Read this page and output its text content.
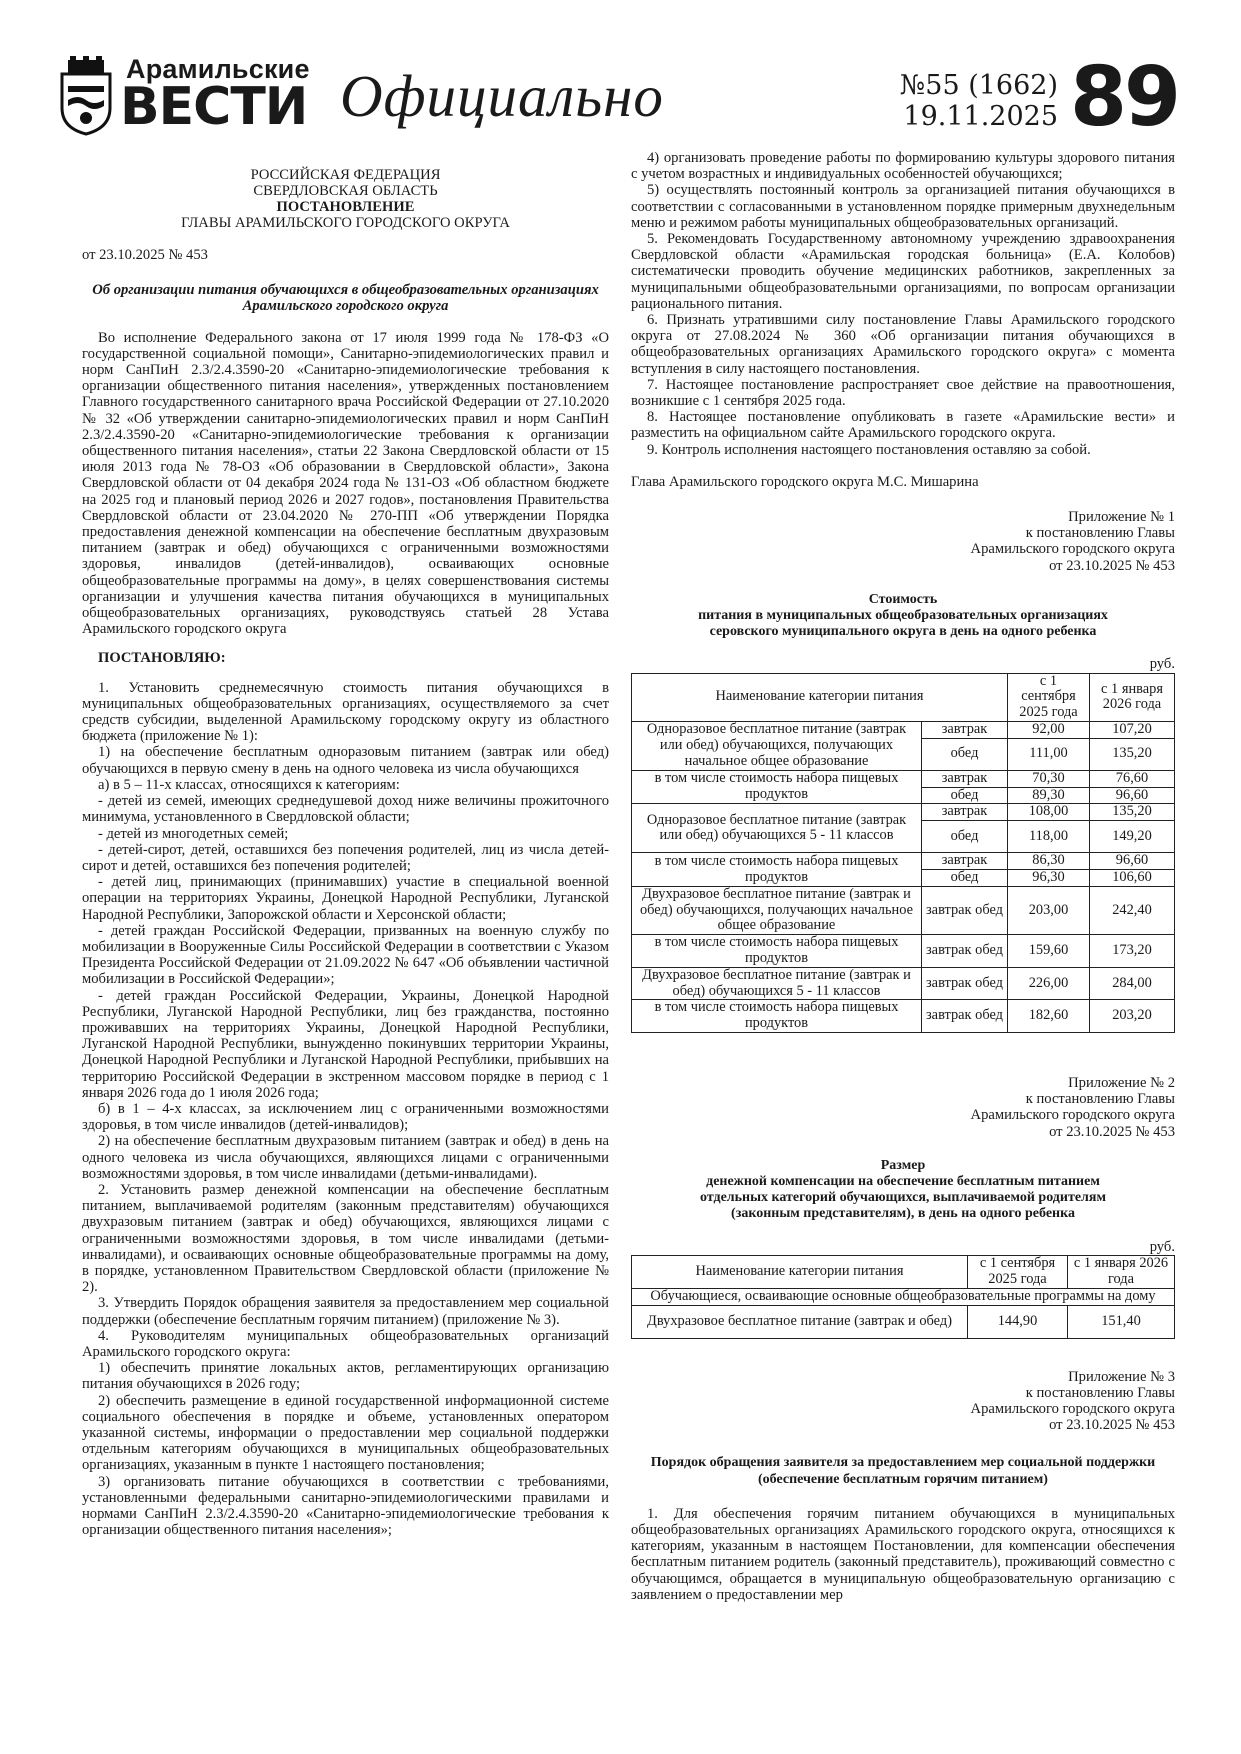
Арамильские
ВЕСТИ Официально	№55 (1662)
19.11.2025 89
РОССИЙСКАЯ ФЕДЕРАЦИЯ
СВЕРДЛОВСКАЯ ОБЛАСТЬ
ПОСТАНОВЛЕНИЕ
ГЛАВЫ АРАМИЛЬСКОГО ГОРОДСКОГО ОКРУГА
от 23.10.2025 № 453
Об организации питания обучающихся в общеобразовательных организациях Арамильского городского округа

Во исполнение Федерального закона от 17 июля 1999 года № 178-ФЗ «О государственной социальной помощи», Санитарно-эпидемиологических правил и норм СанПиН 2.3/2.4.3590-20 «Санитарно-эпидемиологические требования к организации общественного питания населения», утвержденных постановлением Главного государственного санитарного врача Российской Федерации от 27.10.2020 № 32 «Об утверждении санитарно-эпидемиологических правил и норм СанПиН 2.3/2.4.3590-20 «Санитарно-эпидемиологические требования к организации общественного питания населения», статьи 22 Закона Свердловской области от 15 июля 2013 года № 78-ОЗ «Об образовании в Свердловской области», Закона Свердловской области от 04 декабря 2024 года № 131-ОЗ «Об областном бюджете на 2025 год и плановый период 2026 и 2027 годов», постановления Правительства Свердловской области от 23.04.2020 № 270-ПП «Об утверждении Порядка предоставления денежной компенсации на обеспечение бесплатным двухразовым питанием (завтрак и обед) обучающихся с ограниченными возможностями здоровья, инвалидов (детей-инвалидов), осваивающих основные общеобразовательные программы на дому», в целях совершенствования системы организации и улучшения качества питания обучающихся в муниципальных общеобразовательных организациях, руководствуясь статьей 28 Устава Арамильского городского округа

ПОСТАНОВЛЯЮ:

1. Установить среднемесячную стоимость питания обучающихся в муниципальных общеобразовательных организациях, осуществляемого за счет средств субсидии, выделенной Арамильскому городскому округу из областного бюджета (приложение № 1):

1) на обеспечение бесплатным одноразовым питанием (завтрак или обед) обучающихся в первую смену в день на одного человека из числа обучающихся

а) в 5 – 11-х классах, относящихся к категориям:

- детей из семей, имеющих среднедушевой доход ниже величины прожиточного минимума, установленного в Свердловской области;

- детей из многодетных семей;

- детей-сирот, детей, оставшихся без попечения родителей, лиц из числа детей-сирот и детей, оставшихся без попечения родителей;

- детей лиц, принимающих (принимавших) участие в специальной военной операции на территориях Украины, Донецкой Народной Республики, Луганской Народной Республики, Запорожской области и Херсонской области;

- детей граждан Российской Федерации, призванных на военную службу по мобилизации в Вооруженные Силы Российской Федерации в соответствии с Указом Президента Российской Федерации от 21.09.2022 № 647 «Об объявлении частичной мобилизации в Российской Федерации»;

- детей граждан Российской Федерации, Украины, Донецкой Народной Республики, Луганской Народной Республики, лиц без гражданства, постоянно проживавших на территориях Украины, Донецкой Народной Республики, Луганской Народной Республики, вынужденно покинувших территории Украины, Донецкой Народной Республики и Луганской Народной Республики, прибывших на территорию Российской Федерации в экстренном массовом порядке в период с 1 января 2026 года до 1 июля 2026 года;

б) в 1 – 4-х классах, за исключением лиц с ограниченными возможностями здоровья, в том числе инвалидов (детей-инвалидов);

2) на обеспечение бесплатным двухразовым питанием (завтрак и обед) в день на одного человека из числа обучающихся, являющихся лицами с ограниченными возможностями здоровья, в том числе инвалидами (детьми-инвалидами).

2. Установить размер денежной компенсации на обеспечение бесплатным питанием, выплачиваемой родителям (законным представителям) обучающихся двухразовым питанием (завтрак и обед) обучающихся, являющихся лицами с ограниченными возможностями здоровья, в том числе инвалидами (детьми-инвалидами), и осваивающих основные общеобразовательные программы на дому, в порядке, установленном Правительством Свердловской области (приложение № 2).

3. Утвердить Порядок обращения заявителя за предоставлением мер социальной поддержки (обеспечение бесплатным горячим питанием) (приложение № 3).

4. Руководителям муниципальных общеобразовательных организаций Арамильского городского округа:

1) обеспечить принятие локальных актов, регламентирующих организацию питания обучающихся в 2026 году;

2) обеспечить размещение в единой государственной информационной системе социального обеспечения в порядке и объеме, установленных оператором указанной системы, информации о предоставлении мер социальной поддержки отдельным категориям обучающихся в муниципальных общеобразовательных организациях, указанным в пункте 1 настоящего постановления;

3) организовать питание обучающихся в соответствии с требованиями, установленными федеральными санитарно-эпидемиологическими правилами и нормами СанПиН 2.3/2.4.3590-20 «Санитарно-эпидемиологические требования к организации общественного питания населения»;

4) организовать проведение работы по формированию культуры здорового питания с учетом возрастных и индивидуальных особенностей обучающихся;

5) осуществлять постоянный контроль за организацией питания обучающихся в соответствии с согласованными в установленном порядке примерным двухнедельным меню и режимом работы муниципальных общеобразовательных организаций.

5. Рекомендовать Государственному автономному учреждению здравоохранения Свердловской области «Арамильская городская больница» (Е.А. Колобов) систематически проводить обучение медицинских работников, закрепленных за муниципальными общеобразовательными организациями, по вопросам организации рационального питания.

6. Признать утратившими силу постановление Главы Арамильского городского округа от 27.08.2024 № 360 «Об организации питания обучающихся в общеобразовательных организациях Арамильского городского округа» с момента вступления в силу настоящего постановления.

7. Настоящее постановление распространяет свое действие на правоотношения, возникшие с 1 сентября 2025 года.

8. Настоящее постановление опубликовать в газете «Арамильские вести» и разместить на официальном сайте Арамильского городского округа.

9. Контроль исполнения настоящего постановления оставляю за собой.

Глава Арамильского городского округа М.С. Мишарина
Приложение № 1
к постановлению Главы
Арамильского городского округа
от 23.10.2025 № 453
Стоимость
питания в муниципальных общеобразовательных организациях
серовского муниципального округа в день на одного ребенка
руб.
Наименование категории питания		с 1 сентября 2025 года	с 1 января 2026 года
Одноразовое бесплатное питание (завтрак или обед) обучающихся, получающих начальное общее образование	завтрак	92,00	107,20
	обед	111,00	135,20
в том числе стоимость набора пищевых продуктов	завтрак	70,30	76,60
	обед	89,30	96,60
Одноразовое бесплатное питание (завтрак или обед) обучающихся 5 - 11 классов	завтрак	108,00	135,20
	обед	118,00	149,20
в том числе стоимость набора пищевых продуктов	завтрак	86,30	96,60
	обед	96,30	106,60
Двухразовое бесплатное питание (завтрак и обед) обучающихся, получающих начальное общее образование	завтрак обед	203,00	242,40
в том числе стоимость набора пищевых продуктов	завтрак обед	159,60	173,20
Двухразовое бесплатное питание (завтрак и обед) обучающихся 5 - 11 классов	завтрак обед	226,00	284,00
в том числе стоимость набора пищевых продуктов	завтрак обед	182,60	203,20
Приложение № 2
к постановлению Главы
Арамильского городского округа
от 23.10.2025 № 453
Размер
денежной компенсации на обеспечение бесплатным питанием
отдельных категорий обучающихся, выплачиваемой родителям
(законным представителям), в день на одного ребенка
руб.
Наименование категории питания	с 1 сентября 2025 года	с 1 января 2026 года
Обучающиеся, осваивающие основные общеобразовательные программы на дому		
Двухразовое бесплатное питание (завтрак и обед)	144,90	151,40
Приложение № 3
к постановлению Главы
Арамильского городского округа
от 23.10.2025 № 453
Порядок обращения заявителя за предоставлением мер социальной поддержки (обеспечение бесплатным горячим питанием)

1. Для обеспечения горячим питанием обучающихся в муниципальных общеобразовательных организациях Арамильского городского округа, относящихся к категориям, указанным в настоящем Постановлении, для компенсации обеспечения бесплатным питанием родитель (законный представитель), проживающий совместно с обучающимся, обращается в муниципальную общеобразовательную организацию с заявлением о предоставлении мер
